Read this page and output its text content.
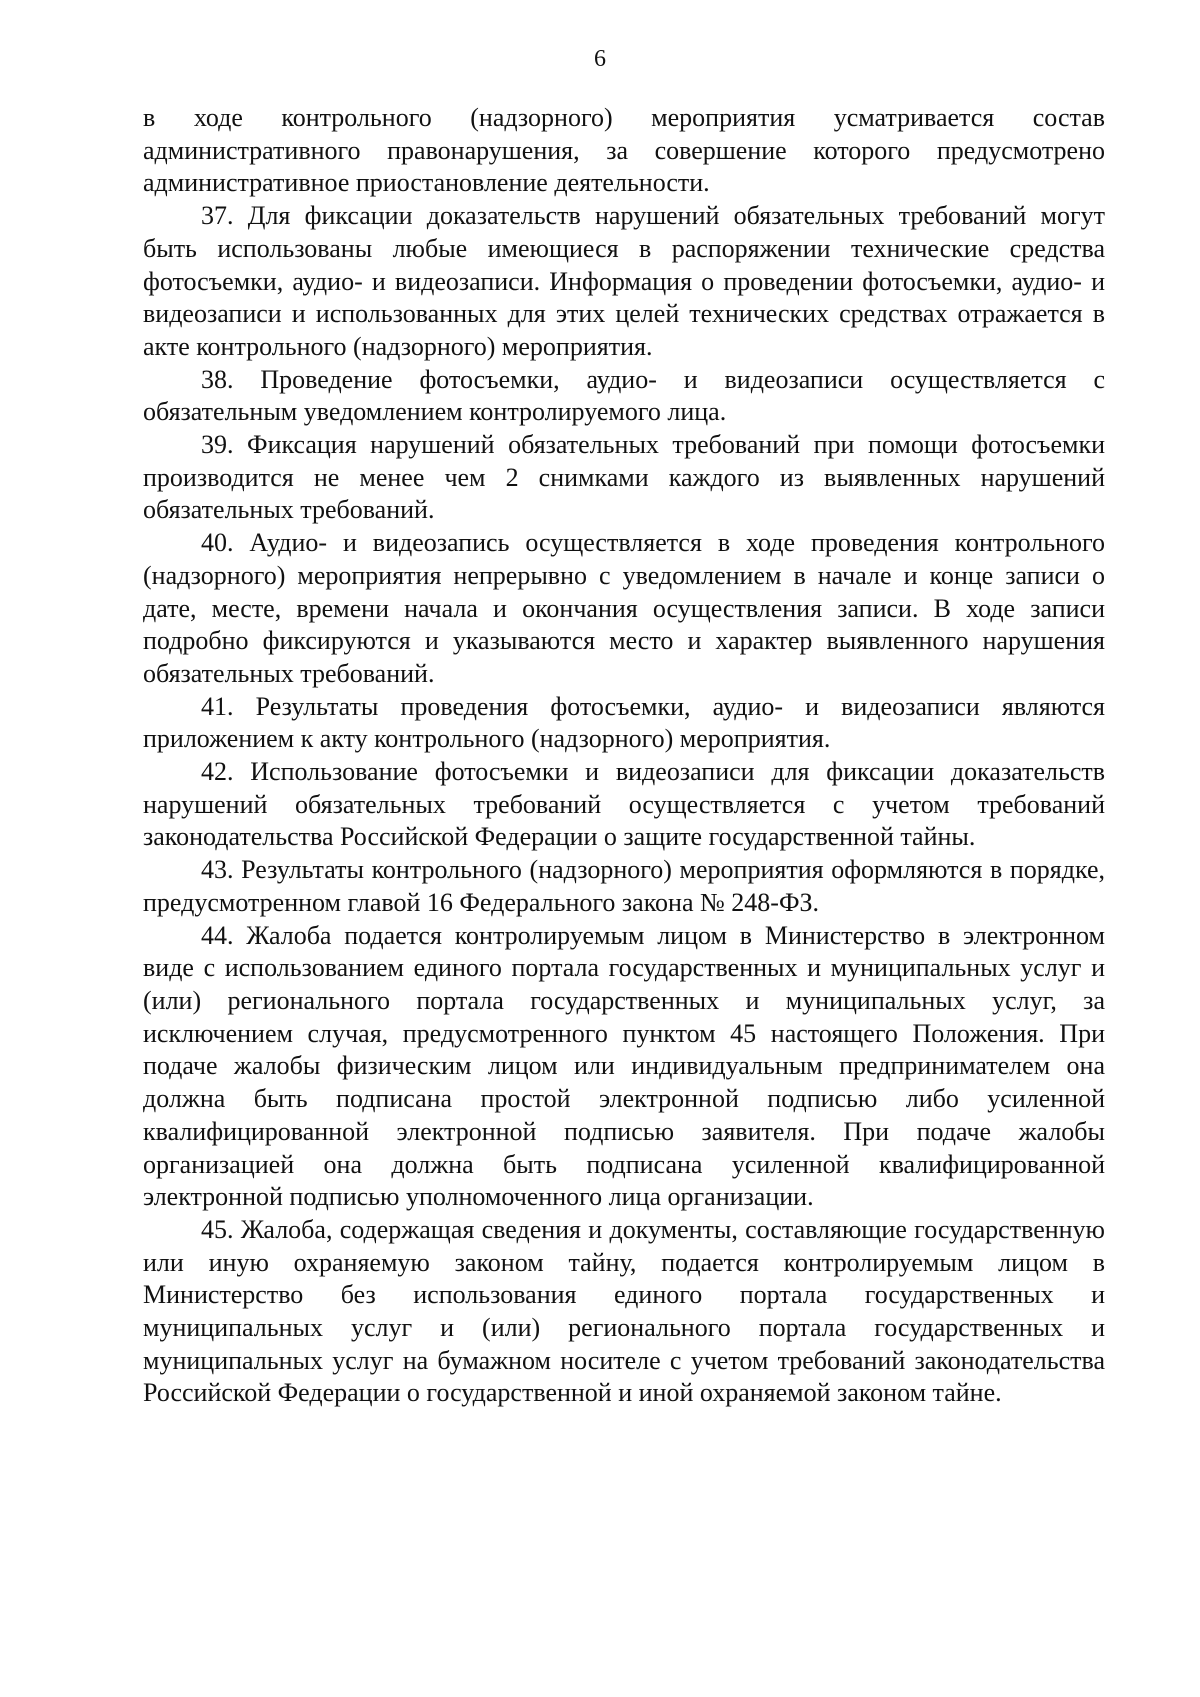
6

в ходе контрольного (надзорного) мероприятия усматривается состав административного правонарушения, за совершение которого предусмотрено административное приостановление деятельности.

37. Для фиксации доказательств нарушений обязательных требований могут быть использованы любые имеющиеся в распоряжении технические средства фотосъемки, аудио- и видеозаписи. Информация о проведении фотосъемки, аудио- и видеозаписи и использованных для этих целей технических средствах отражается в акте контрольного (надзорного) мероприятия.

38. Проведение фотосъемки, аудио- и видеозаписи осуществляется с обязательным уведомлением контролируемого лица.

39. Фиксация нарушений обязательных требований при помощи фотосъемки производится не менее чем 2 снимками каждого из выявленных нарушений обязательных требований.

40. Аудио- и видеозапись осуществляется в ходе проведения контрольного (надзорного) мероприятия непрерывно с уведомлением в начале и конце записи о дате, месте, времени начала и окончания осуществления записи. В ходе записи подробно фиксируются и указываются место и характер выявленного нарушения обязательных требований.

41. Результаты проведения фотосъемки, аудио- и видеозаписи являются приложением к акту контрольного (надзорного) мероприятия.

42. Использование фотосъемки и видеозаписи для фиксации доказательств нарушений обязательных требований осуществляется с учетом требований законодательства Российской Федерации о защите государственной тайны.

43. Результаты контрольного (надзорного) мероприятия оформляются в порядке, предусмотренном главой 16 Федерального закона № 248-ФЗ.

44. Жалоба подается контролируемым лицом в Министерство в электронном виде с использованием единого портала государственных и муниципальных услуг и (или) регионального портала государственных и муниципальных услуг, за исключением случая, предусмотренного пунктом 45 настоящего Положения. При подаче жалобы физическим лицом или индивидуальным предпринимателем она должна быть подписана простой электронной подписью либо усиленной квалифицированной электронной подписью заявителя. При подаче жалобы организацией она должна быть подписана усиленной квалифицированной электронной подписью уполномоченного лица организации.

45. Жалоба, содержащая сведения и документы, составляющие государственную или иную охраняемую законом тайну, подается контролируемым лицом в Министерство без использования единого портала государственных и муниципальных услуг и (или) регионального портала государственных и муниципальных услуг на бумажном носителе с учетом требований законодательства Российской Федерации о государственной и иной охраняемой законом тайне.
